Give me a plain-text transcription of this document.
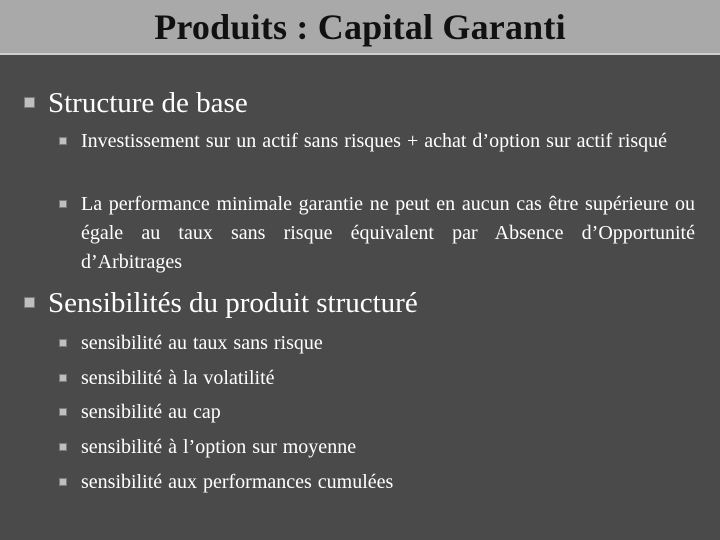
Produits : Capital Garanti
Structure de base
Investissement sur un actif sans risques + achat d’option sur actif risqué
La performance minimale garantie ne peut en aucun cas être supérieure ou égale au taux sans risque équivalent par Absence d’Opportunité d’Arbitrages
Sensibilités du produit structuré
sensibilité au taux sans risque
sensibilité à la volatilité
sensibilité au cap
sensibilité à l’option sur moyenne
sensibilité aux performances cumulées
